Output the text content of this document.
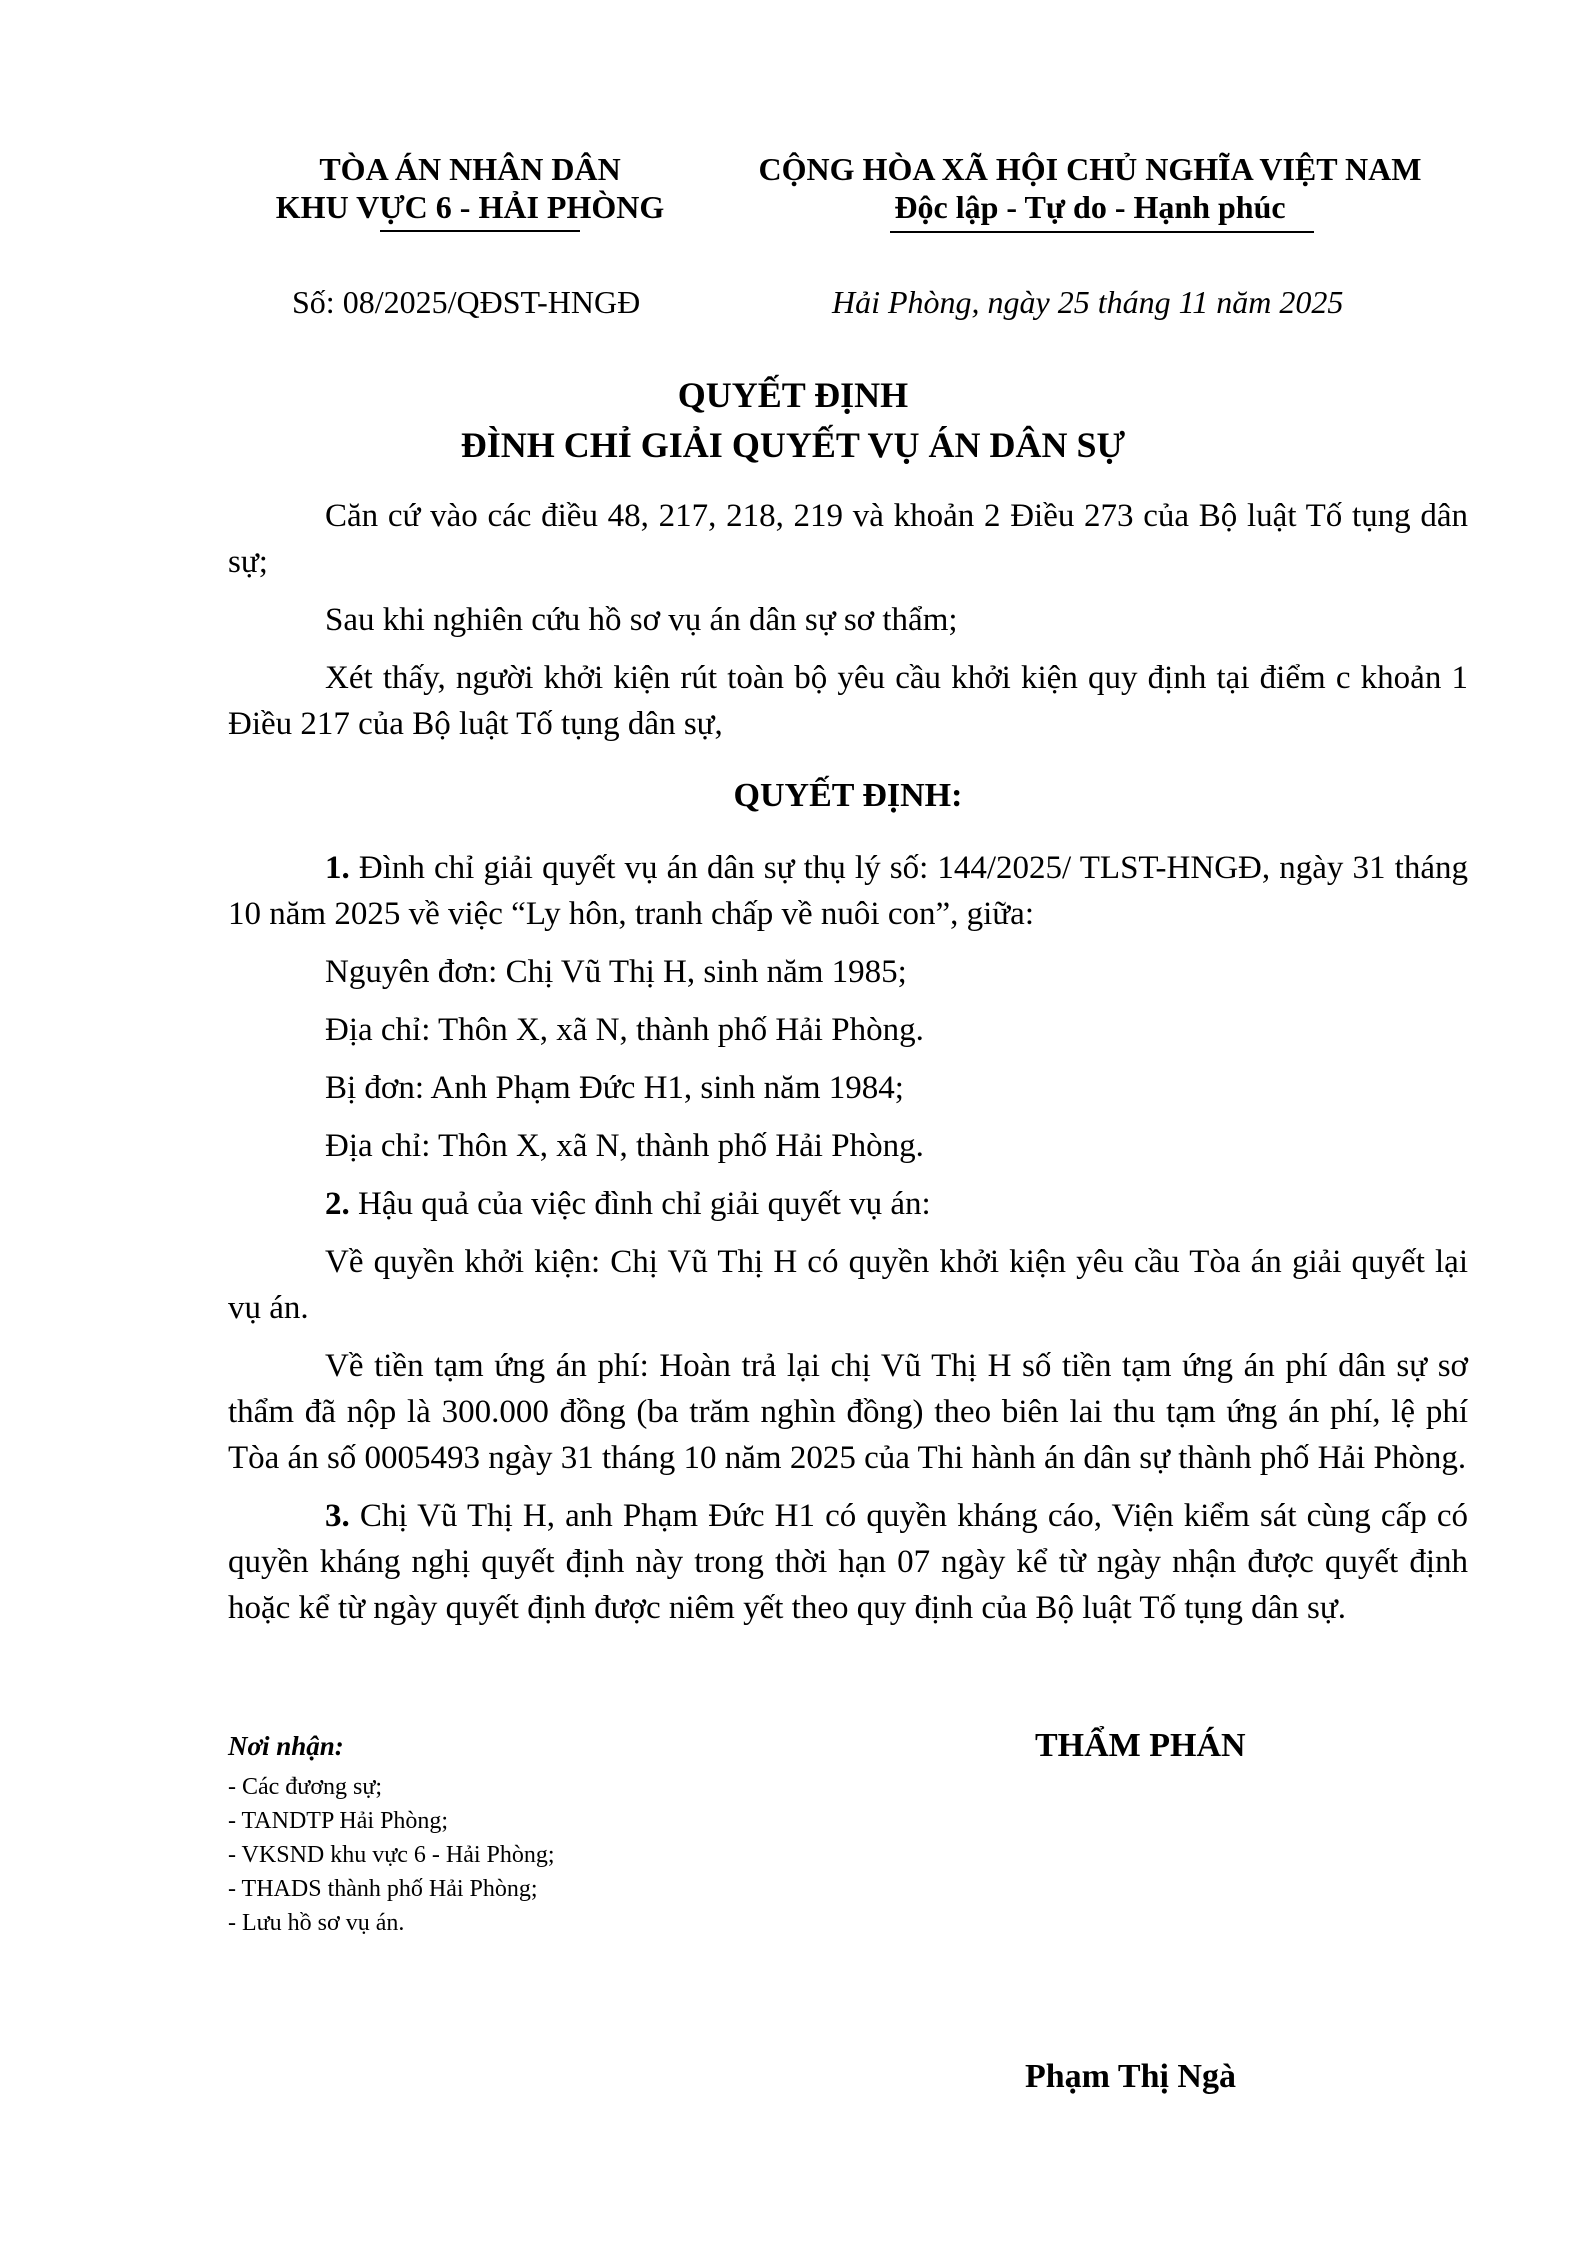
TÒA ÁN NHÂN DÂN
KHU VỰC 6 - HẢI PHÒNG
CỘNG HÒA XÃ HỘI CHỦ NGHĨA VIỆT NAM
Độc lập - Tự do - Hạnh phúc
Số: 08/2025/QĐST-HNGĐ	Hải Phòng, ngày 25 tháng 11 năm 2025
QUYẾT ĐỊNH
ĐÌNH CHỈ GIẢI QUYẾT VỤ ÁN DÂN SỰ

Căn cứ vào các điều 48, 217, 218, 219 và khoản 2 Điều 273 của Bộ luật Tố tụng dân sự;

Sau khi nghiên cứu hồ sơ vụ án dân sự sơ thẩm;

Xét thấy, người khởi kiện rút toàn bộ yêu cầu khởi kiện quy định tại điểm c khoản 1 Điều 217 của Bộ luật Tố tụng dân sự,

QUYẾT ĐỊNH:

1. Đình chỉ giải quyết vụ án dân sự thụ lý số: 144/2025/ TLST-HNGĐ, ngày 31 tháng 10 năm 2025 về việc “Ly hôn, tranh chấp về nuôi con”, giữa:

Nguyên đơn: Chị Vũ Thị H, sinh năm 1985;

Địa chỉ: Thôn X, xã N, thành phố Hải Phòng.

Bị đơn: Anh Phạm Đức H1, sinh năm 1984;

Địa chỉ: Thôn X, xã N, thành phố Hải Phòng.

2. Hậu quả của việc đình chỉ giải quyết vụ án:

Về quyền khởi kiện: Chị Vũ Thị H có quyền khởi kiện yêu cầu Tòa án giải quyết lại vụ án.

Về tiền tạm ứng án phí: Hoàn trả lại chị Vũ Thị H số tiền tạm ứng án phí dân sự sơ thẩm đã nộp là 300.000 đồng (ba trăm nghìn đồng) theo biên lai thu tạm ứng án phí, lệ phí Tòa án số 0005493 ngày 31 tháng 10 năm 2025 của Thi hành án dân sự thành phố Hải Phòng.

3. Chị Vũ Thị H, anh Phạm Đức H1 có quyền kháng cáo, Viện kiểm sát cùng cấp có quyền kháng nghị quyết định này trong thời hạn 07 ngày kể từ ngày nhận được quyết định hoặc kể từ ngày quyết định được niêm yết theo quy định của Bộ luật Tố tụng dân sự.

Nơi nhận:
- Các đương sự;
- TANDTP Hải Phòng;
- VKSND khu vực 6 - Hải Phòng;
- THADS thành phố Hải Phòng;
- Lưu hồ sơ vụ án.
THẨM PHÁN
Phạm Thị Ngà
